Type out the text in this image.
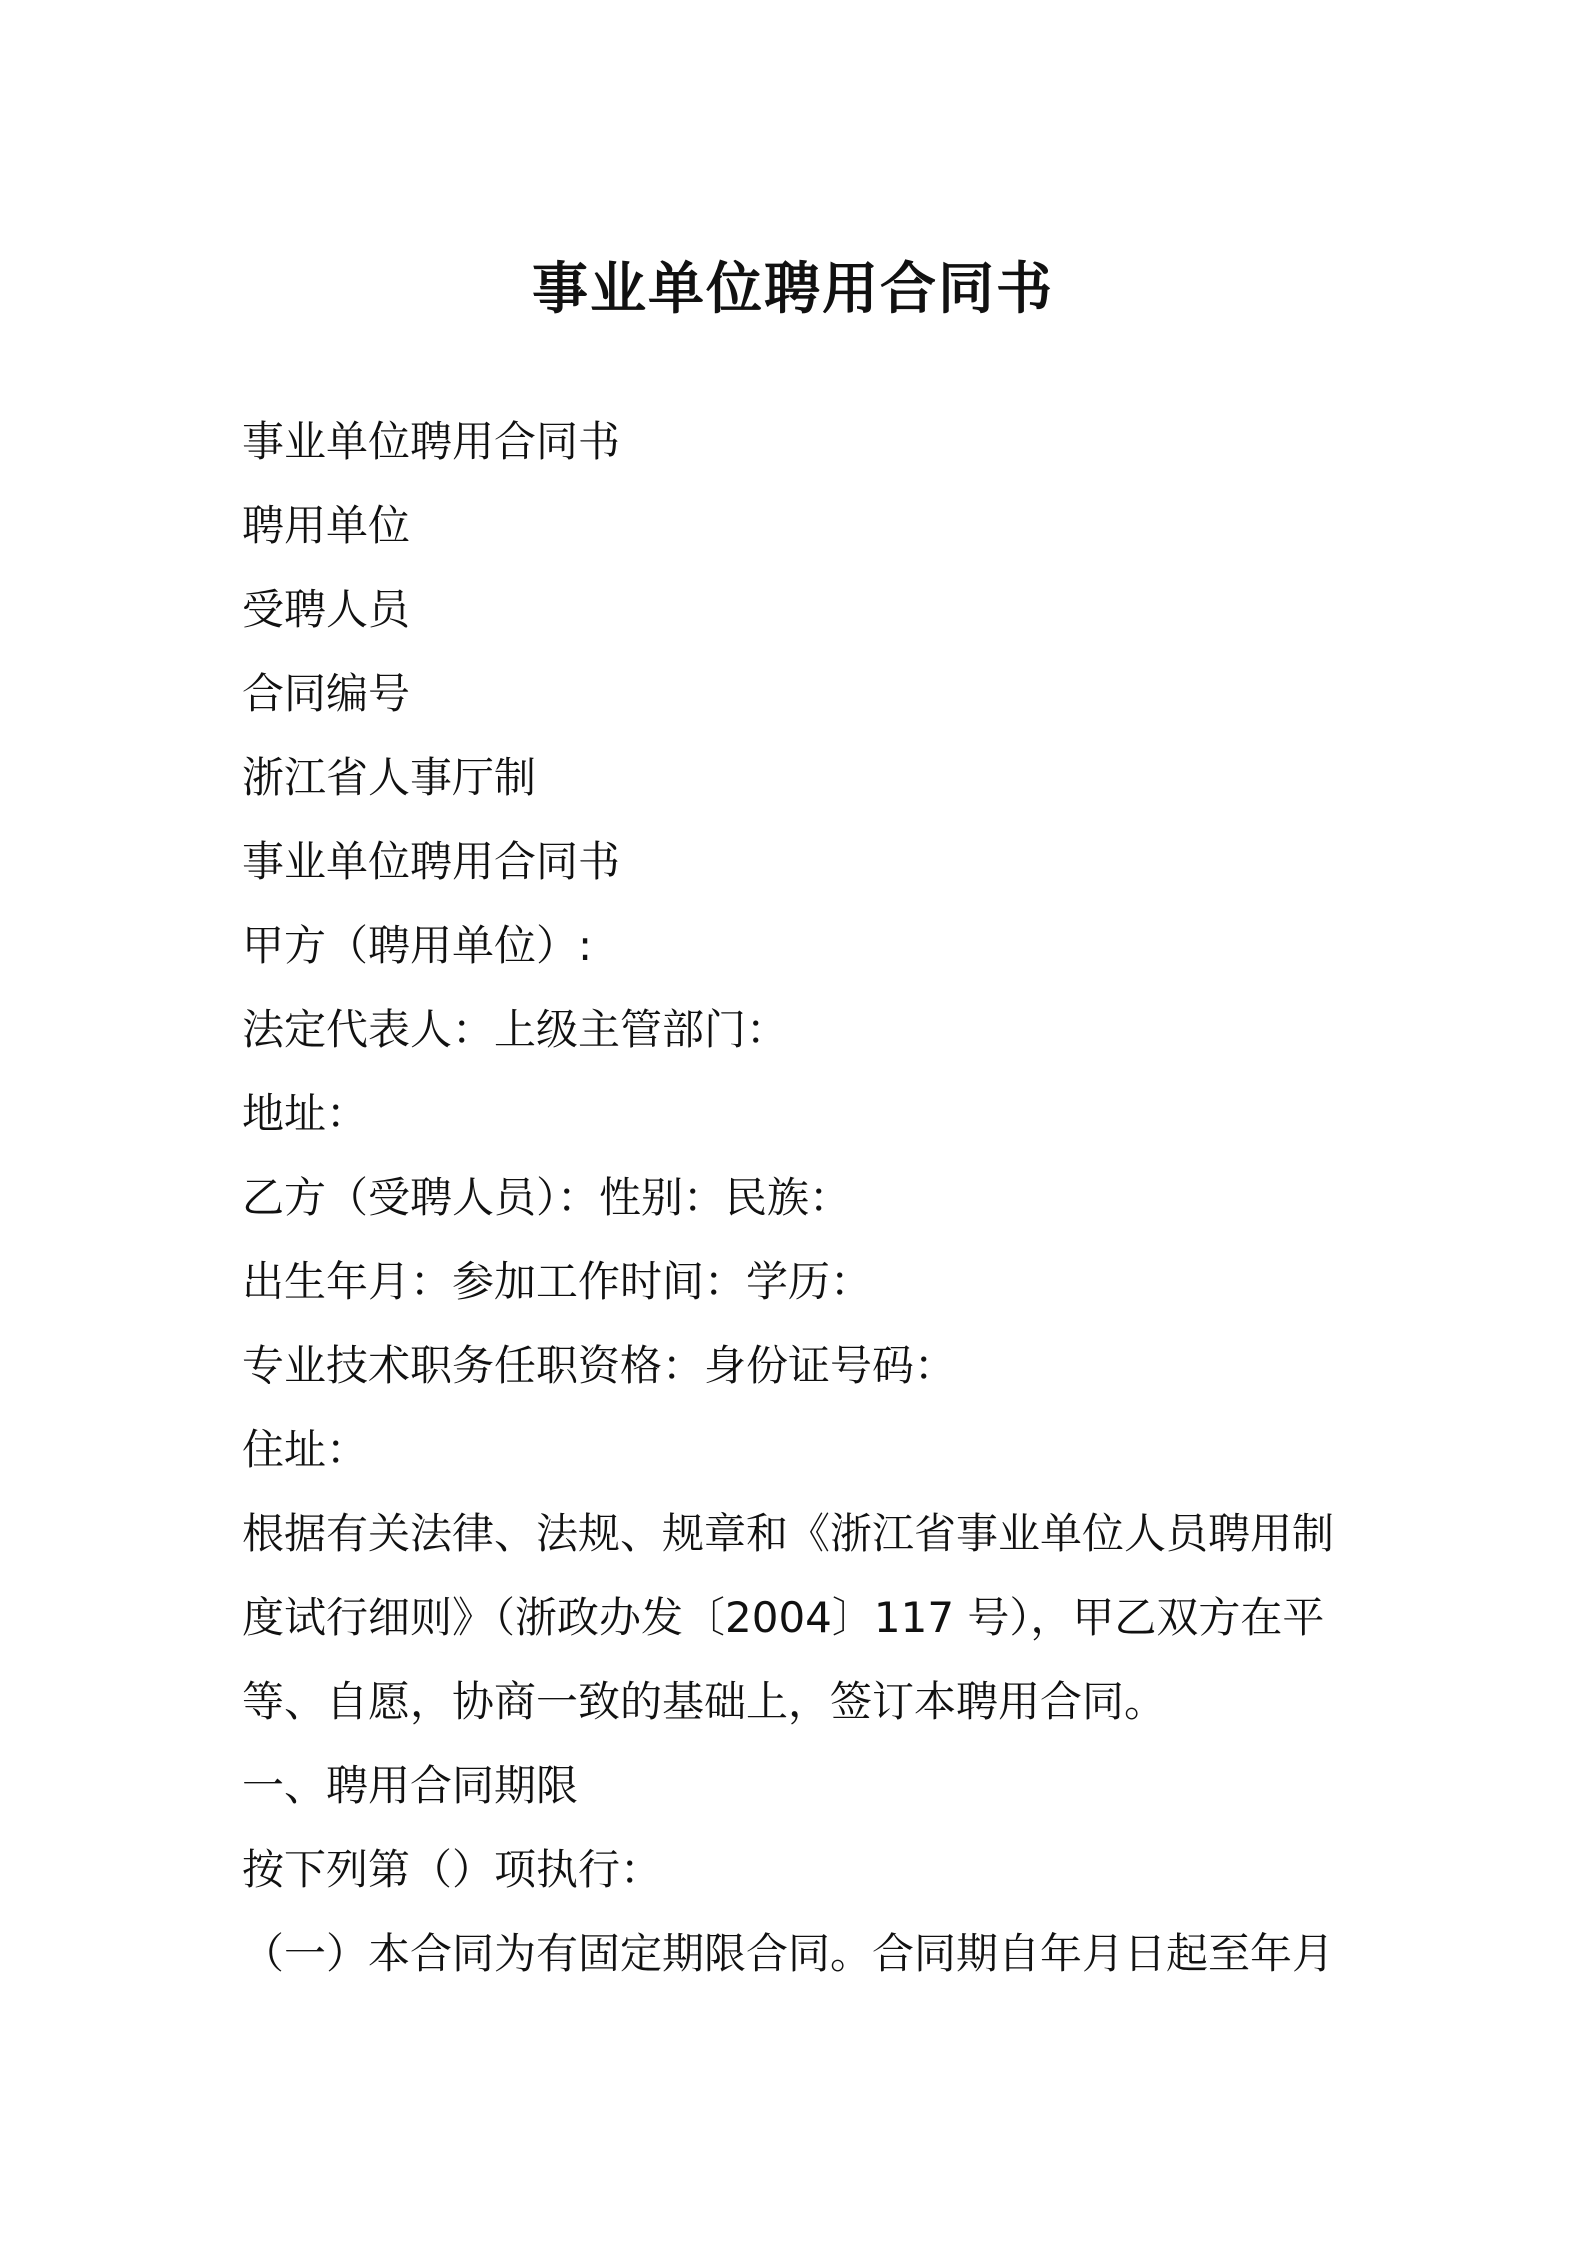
事业单位聘用合同书
事业单位聘用合同书
聘用单位
受聘人员
合同编号
浙江省人事厅制
事业单位聘用合同书
甲方（聘用单位）:
法定代表人：上级主管部门：
地址：
乙方（受聘人员）：性别：民族：
出生年月：参加工作时间：学历：
专业技术职务任职资格：身份证号码：
住址：
根据有关法律、法规、规章和《浙江省事业单位人员聘用制度试行细则》（浙政办发〔2004〕117 号），甲乙双方在平等、自愿，协商一致的基础上，签订本聘用合同。
一、聘用合同期限
按下列第（）项执行：
（一）本合同为有固定期限合同。合同期自年月日起至年月
